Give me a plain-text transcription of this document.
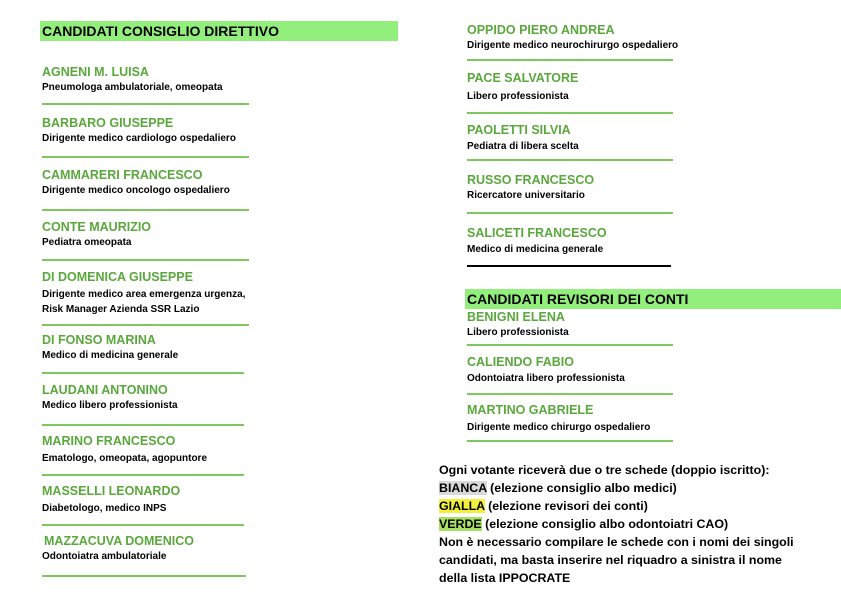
CANDIDATI CONSIGLIO DIRETTIVO
CANDIDATI REVISORI DEI CONTI
AGNENI M. LUISA
Pneumologa ambulatoriale, omeopata
BARBARO GIUSEPPE
Dirigente medico cardiologo ospedaliero
CAMMARERI FRANCESCO
Dirigente medico oncologo ospedaliero
CONTE MAURIZIO
Pediatra omeopata
DI DOMENICA GIUSEPPE
Dirigente medico area emergenza urgenza,
Risk Manager Azienda SSR Lazio
DI FONSO MARINA
Medico di medicina generale
LAUDANI ANTONINO
Medico libero professionista
MARINO FRANCESCO
Ematologo, omeopata, agopuntore
MASSELLI LEONARDO
Diabetologo, medico INPS
MAZZACUVA DOMENICO
Odontoiatra ambulatoriale
OPPIDO PIERO ANDREA
Dirigente medico neurochirurgo ospedaliero
PACE SALVATORE
Libero professionista
PAOLETTI SILVIA
Pediatra di libera scelta
RUSSO FRANCESCO
Ricercatore universitario
SALICETI FRANCESCO
Medico di medicina generale
BENIGNI ELENA
Libero professionista
CALIENDO FABIO
Odontoiatra libero professionista
MARTINO GABRIELE
Dirigente medico chirurgo ospedaliero
Ogni votante riceverà due o tre schede (doppio iscritto):
BIANCA (elezione consiglio albo medici)
GIALLA (elezione revisori dei conti)
VERDE (elezione consiglio albo odontoiatri CAO)
Non è necessario compilare le schede con i nomi dei singoli
candidati, ma basta inserire nel riquadro a sinistra il nome
della lista IPPOCRATE
